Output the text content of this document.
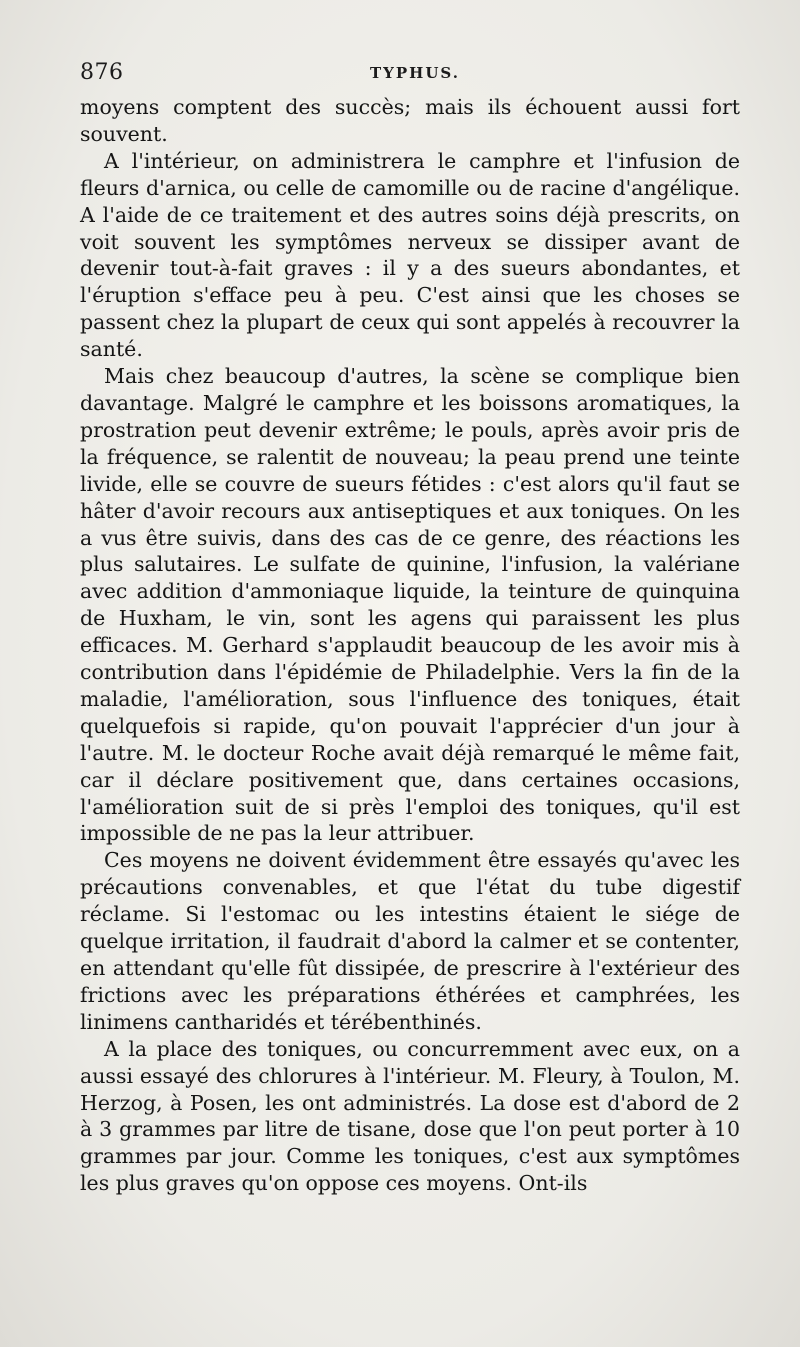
876	TYPHUS.

moyens comptent des succès; mais ils échouent aussi fort souvent.

A l'intérieur, on administrera le camphre et l'infusion de fleurs d'arnica, ou celle de camomille ou de racine d'angélique. A l'aide de ce traitement et des autres soins déjà prescrits, on voit souvent les symptômes nerveux se dissiper avant de devenir tout-à-fait graves : il y a des sueurs abondantes, et l'éruption s'efface peu à peu. C'est ainsi que les choses se passent chez la plupart de ceux qui sont appelés à recouvrer la santé.

Mais chez beaucoup d'autres, la scène se complique bien davantage. Malgré le camphre et les boissons aromatiques, la prostration peut devenir extrême; le pouls, après avoir pris de la fréquence, se ralentit de nouveau; la peau prend une teinte livide, elle se couvre de sueurs fétides : c'est alors qu'il faut se hâter d'avoir recours aux antiseptiques et aux toniques. On les a vus être suivis, dans des cas de ce genre, des réactions les plus salutaires. Le sulfate de quinine, l'infusion, la valériane avec addition d'ammoniaque liquide, la teinture de quinquina de Huxham, le vin, sont les agens qui paraissent les plus efficaces. M. Gerhard s'applaudit beaucoup de les avoir mis à contribution dans l'épidémie de Philadelphie. Vers la fin de la maladie, l'amélioration, sous l'influence des toniques, était quelquefois si rapide, qu'on pouvait l'apprécier d'un jour à l'autre. M. le docteur Roche avait déjà remarqué le même fait, car il déclare positivement que, dans certaines occasions, l'amélioration suit de si près l'emploi des toniques, qu'il est impossible de ne pas la leur attribuer.

Ces moyens ne doivent évidemment être essayés qu'avec les précautions convenables, et que l'état du tube digestif réclame. Si l'estomac ou les intestins étaient le siége de quelque irritation, il faudrait d'abord la calmer et se contenter, en attendant qu'elle fût dissipée, de prescrire à l'extérieur des frictions avec les préparations éthérées et camphrées, les linimens cantharidés et térébenthinés.

A la place des toniques, ou concurremment avec eux, on a aussi essayé des chlorures à l'intérieur. M. Fleury, à Toulon, M. Herzog, à Posen, les ont administrés. La dose est d'abord de 2 à 3 grammes par litre de tisane, dose que l'on peut porter à 10 grammes par jour. Comme les toniques, c'est aux symptômes les plus graves qu'on oppose ces moyens. Ont-ils
